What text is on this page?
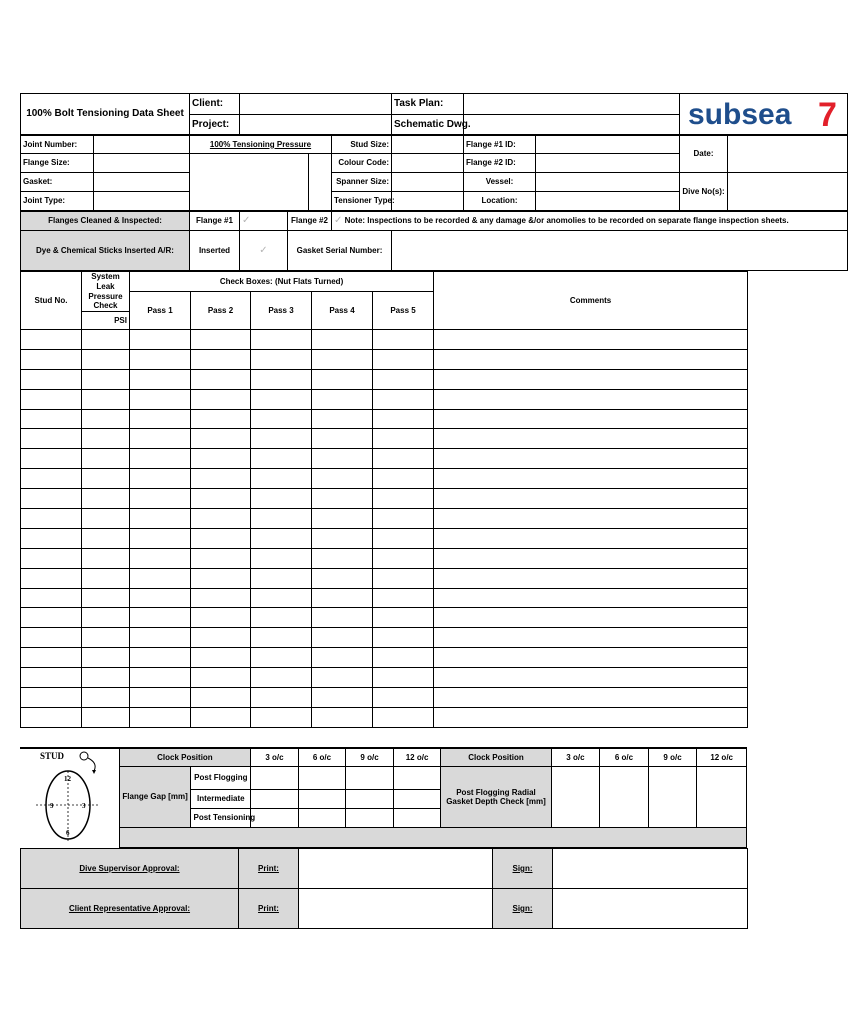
100% Bolt Tensioning Data Sheet		Client:					Task Plan:			subsea 7	

		Project:					Schematic Dwg.				
Joint Number:		100% Tensioning Pressure				Stud Size:		Flange #1 ID:		Date:	
Flange Size:						Colour Code:		Flange #2 ID:			
Gasket:						Spanner Size:		Vessel:		Dive No(s):	
Joint Type:						Tensioner Type:		Location:			
Flanges Cleaned & Inspected:		Flange #1	✓	Flange #2		✓ Note: Inspections to be recorded & any damage &/or anomolies to be recorded on separate flange inspection sheets.					
Dye & Chemical Sticks Inserted A/R:		Inserted	✓	Gasket Serial Number:							
Stud No.	System Leak Pressure Check	Check Boxes: (Nut Flats Turned)					Comments
		Pass 1	Pass 2	Pass 3	Pass 4	Pass 5	
	PSI						

STUD
12
3
6
9	Clock Position		3 o/c	6 o/c	9 o/c	12 o/c	Clock Position	3 o/c	6 o/c	9 o/c	12 o/c
	Flange Gap [mm]	Post Flogging					Post Flogging Radial Gasket Depth Check [mm]				
		Intermediate									
		Post Tensioning									

Dive Supervisor Approval:	Print:		Sign:	
Client Representative Approval:	Print:		Sign:	
